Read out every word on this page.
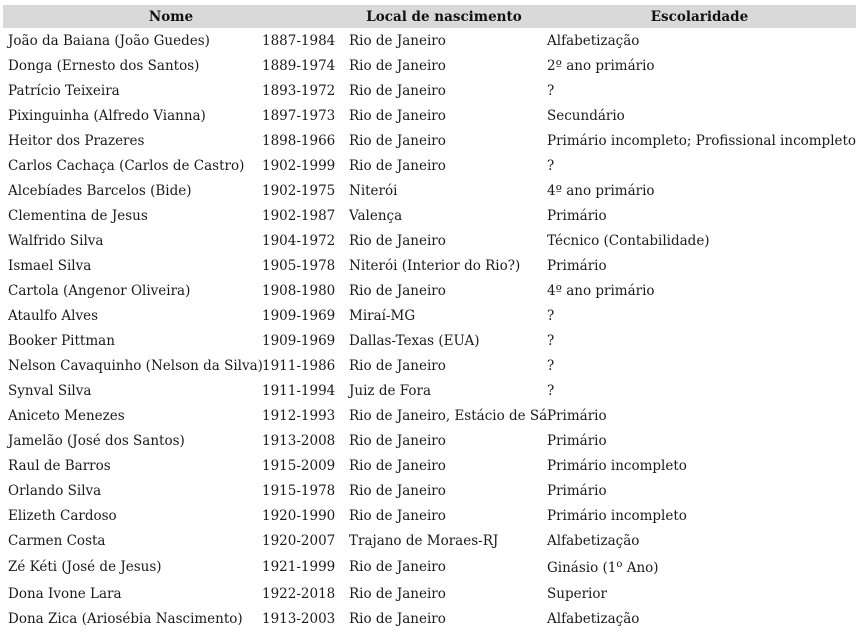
Nome		Local de nascimento	Escolaridade
João da Baiana (João Guedes)	1887-1984	Rio de Janeiro	Alfabetização
Donga (Ernesto dos Santos)	1889-1974	Rio de Janeiro	2º ano primário
Patrício Teixeira	1893-1972	Rio de Janeiro	?
Pixinguinha (Alfredo Vianna)	1897-1973	Rio de Janeiro	Secundário
Heitor dos Prazeres	1898-1966	Rio de Janeiro	Primário incompleto; Profissional incompleto
Carlos Cachaça (Carlos de Castro)	1902-1999	Rio de Janeiro	?
Alcebíades Barcelos (Bide)	1902-1975	Niterói	4º ano primário
Clementina de Jesus	1902-1987	Valença	Primário
Walfrido Silva	1904-1972	Rio de Janeiro	Técnico (Contabilidade)
Ismael Silva	1905-1978	Niterói (Interior do Rio?)	Primário
Cartola (Angenor Oliveira)	1908-1980	Rio de Janeiro	4º ano primário
Ataulfo Alves	1909-1969	Miraí-MG	?
Booker Pittman	1909-1969	Dallas-Texas (EUA)	?
Nelson Cavaquinho (Nelson da Silva)	1911-1986	Rio de Janeiro	?
Synval Silva	1911-1994	Juiz de Fora	?
Aniceto Menezes	1912-1993	Rio de Janeiro, Estácio de Sá	Primário
Jamelão (José dos Santos)	1913-2008	Rio de Janeiro	Primário
Raul de Barros	1915-2009	Rio de Janeiro	Primário incompleto
Orlando Silva	1915-1978	Rio de Janeiro	Primário
Elizeth Cardoso	1920-1990	Rio de Janeiro	Primário incompleto
Carmen Costa	1920-2007	Trajano de Moraes-RJ	Alfabetização
Zé Kéti (José de Jesus)	1921-1999	Rio de Janeiro	Ginásio (1$^o$ Ano)
Dona Ivone Lara	1922-2018	Rio de Janeiro	Superior
Dona Zica (Ariosébia Nascimento)	1913-2003	Rio de Janeiro	Alfabetização
